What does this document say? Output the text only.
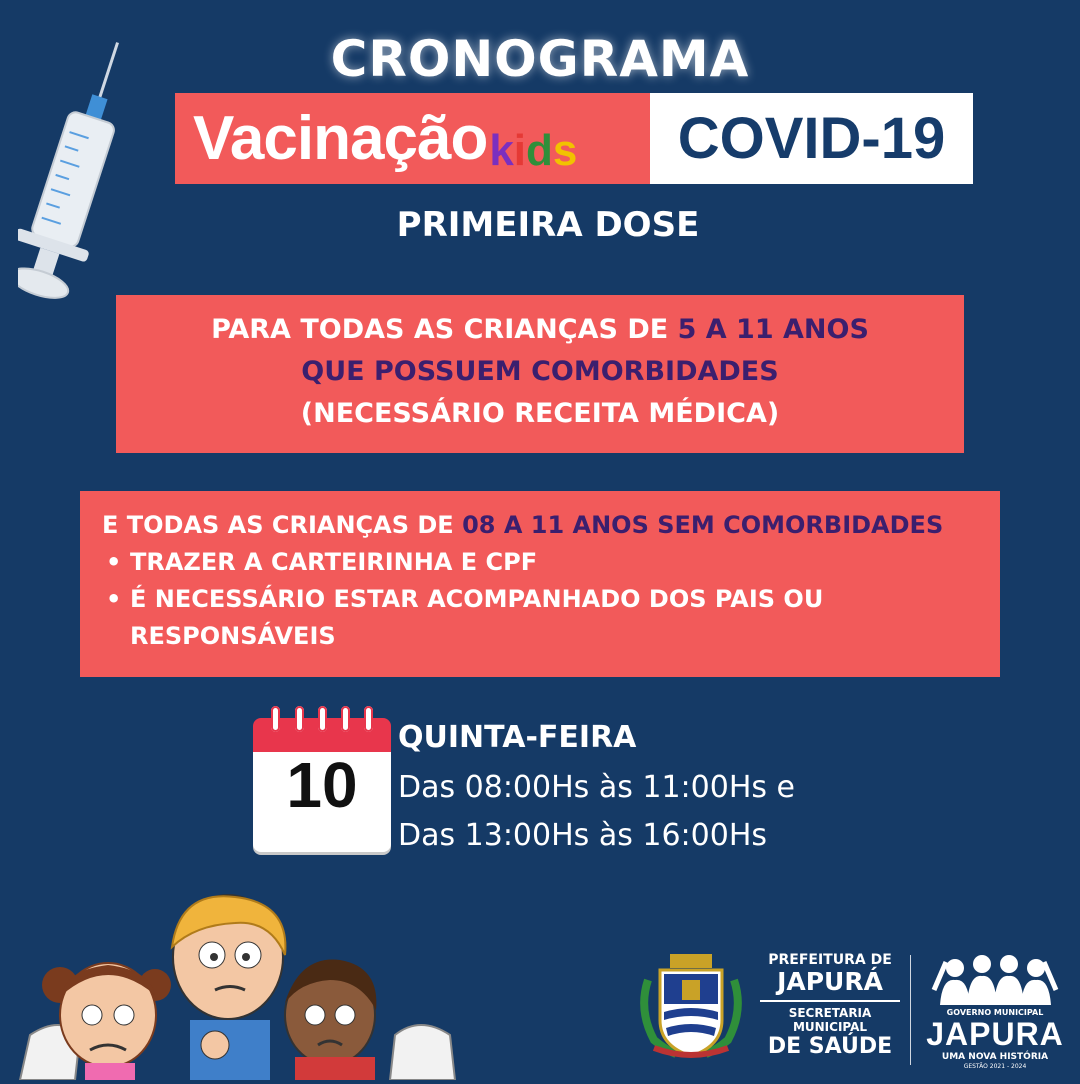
CRONOGRAMA
Vacinação k i d s COVID-19
PRIMEIRA DOSE
PARA TODAS AS CRIANÇAS DE 5 A 11 ANOS
QUE POSSUEM COMORBIDADES
(NECESSÁRIO RECEITA MÉDICA)
E TODAS AS CRIANÇAS DE 08 A 11 ANOS SEM COMORBIDADES
• TRAZER A CARTEIRINHA E CPF
• É NECESSÁRIO ESTAR ACOMPANHADO DOS PAIS OU RESPONSÁVEIS
10
QUINTA-FEIRA
Das 08:00Hs às 11:00Hs e
Das 13:00Hs às 16:00Hs
PREFEITURA DE
JAPURÁ
SECRETARIA MUNICIPAL
DE SAÚDE
GOVERNO MUNICIPAL
JAPURA
UMA NOVA HISTÓRIA
GESTÃO 2021 - 2024
